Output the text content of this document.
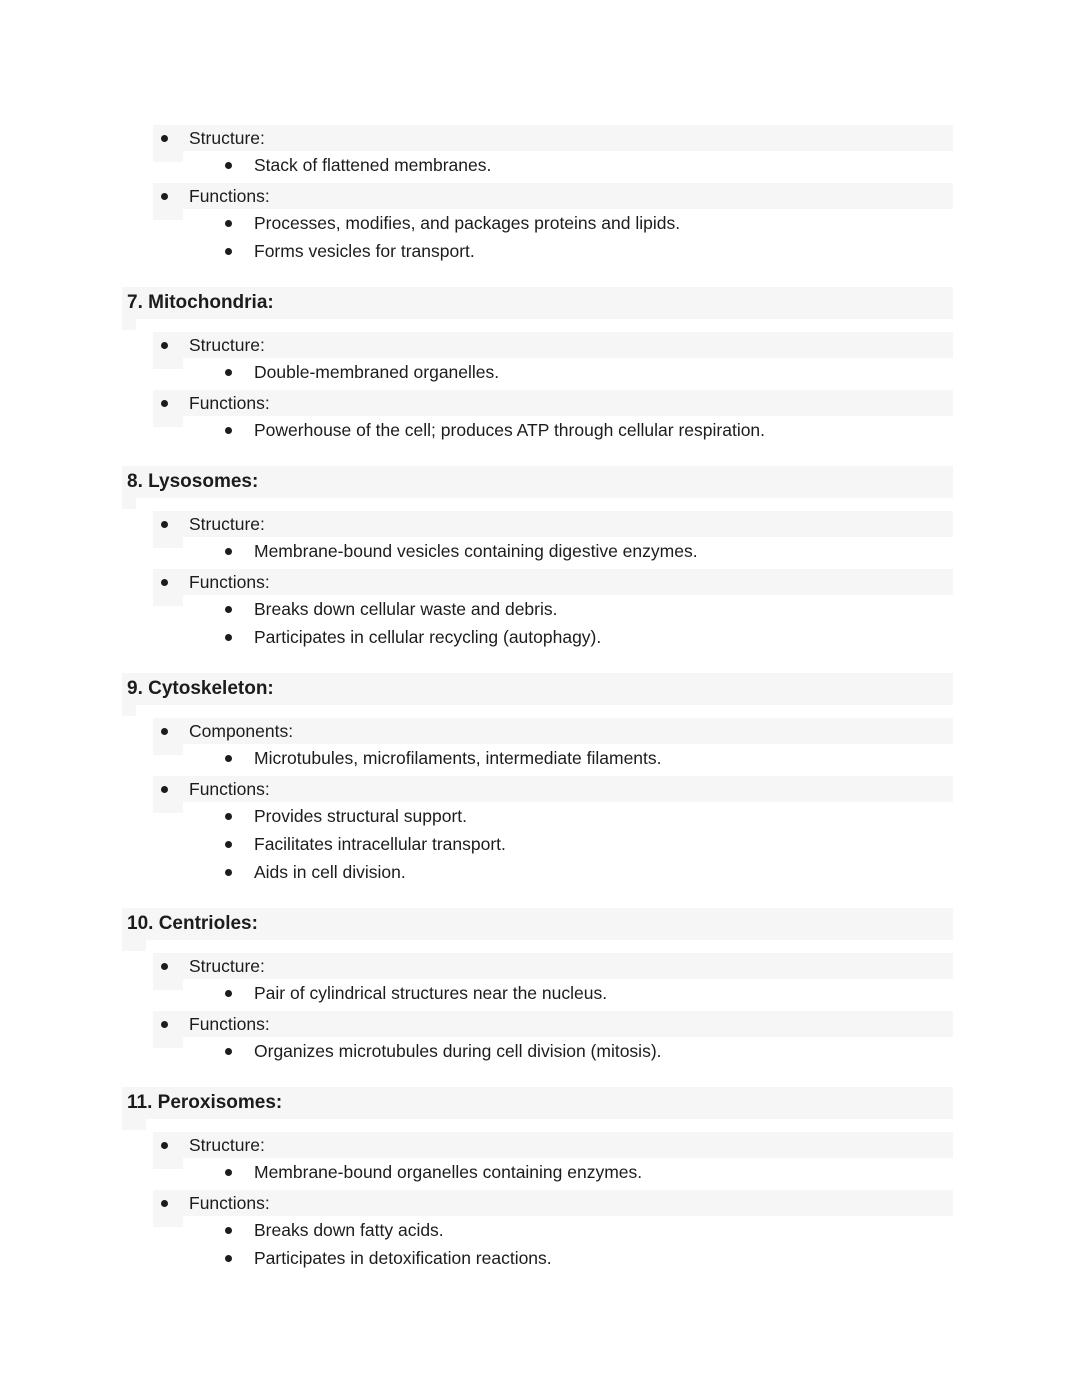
Structure:
Stack of flattened membranes.
Functions:
Processes, modifies, and packages proteins and lipids.
Forms vesicles for transport.
7. Mitochondria:
Structure:
Double-membraned organelles.
Functions:
Powerhouse of the cell; produces ATP through cellular respiration.
8. Lysosomes:
Structure:
Membrane-bound vesicles containing digestive enzymes.
Functions:
Breaks down cellular waste and debris.
Participates in cellular recycling (autophagy).
9. Cytoskeleton:
Components:
Microtubules, microfilaments, intermediate filaments.
Functions:
Provides structural support.
Facilitates intracellular transport.
Aids in cell division.
10. Centrioles:
Structure:
Pair of cylindrical structures near the nucleus.
Functions:
Organizes microtubules during cell division (mitosis).
11. Peroxisomes:
Structure:
Membrane-bound organelles containing enzymes.
Functions:
Breaks down fatty acids.
Participates in detoxification reactions.
